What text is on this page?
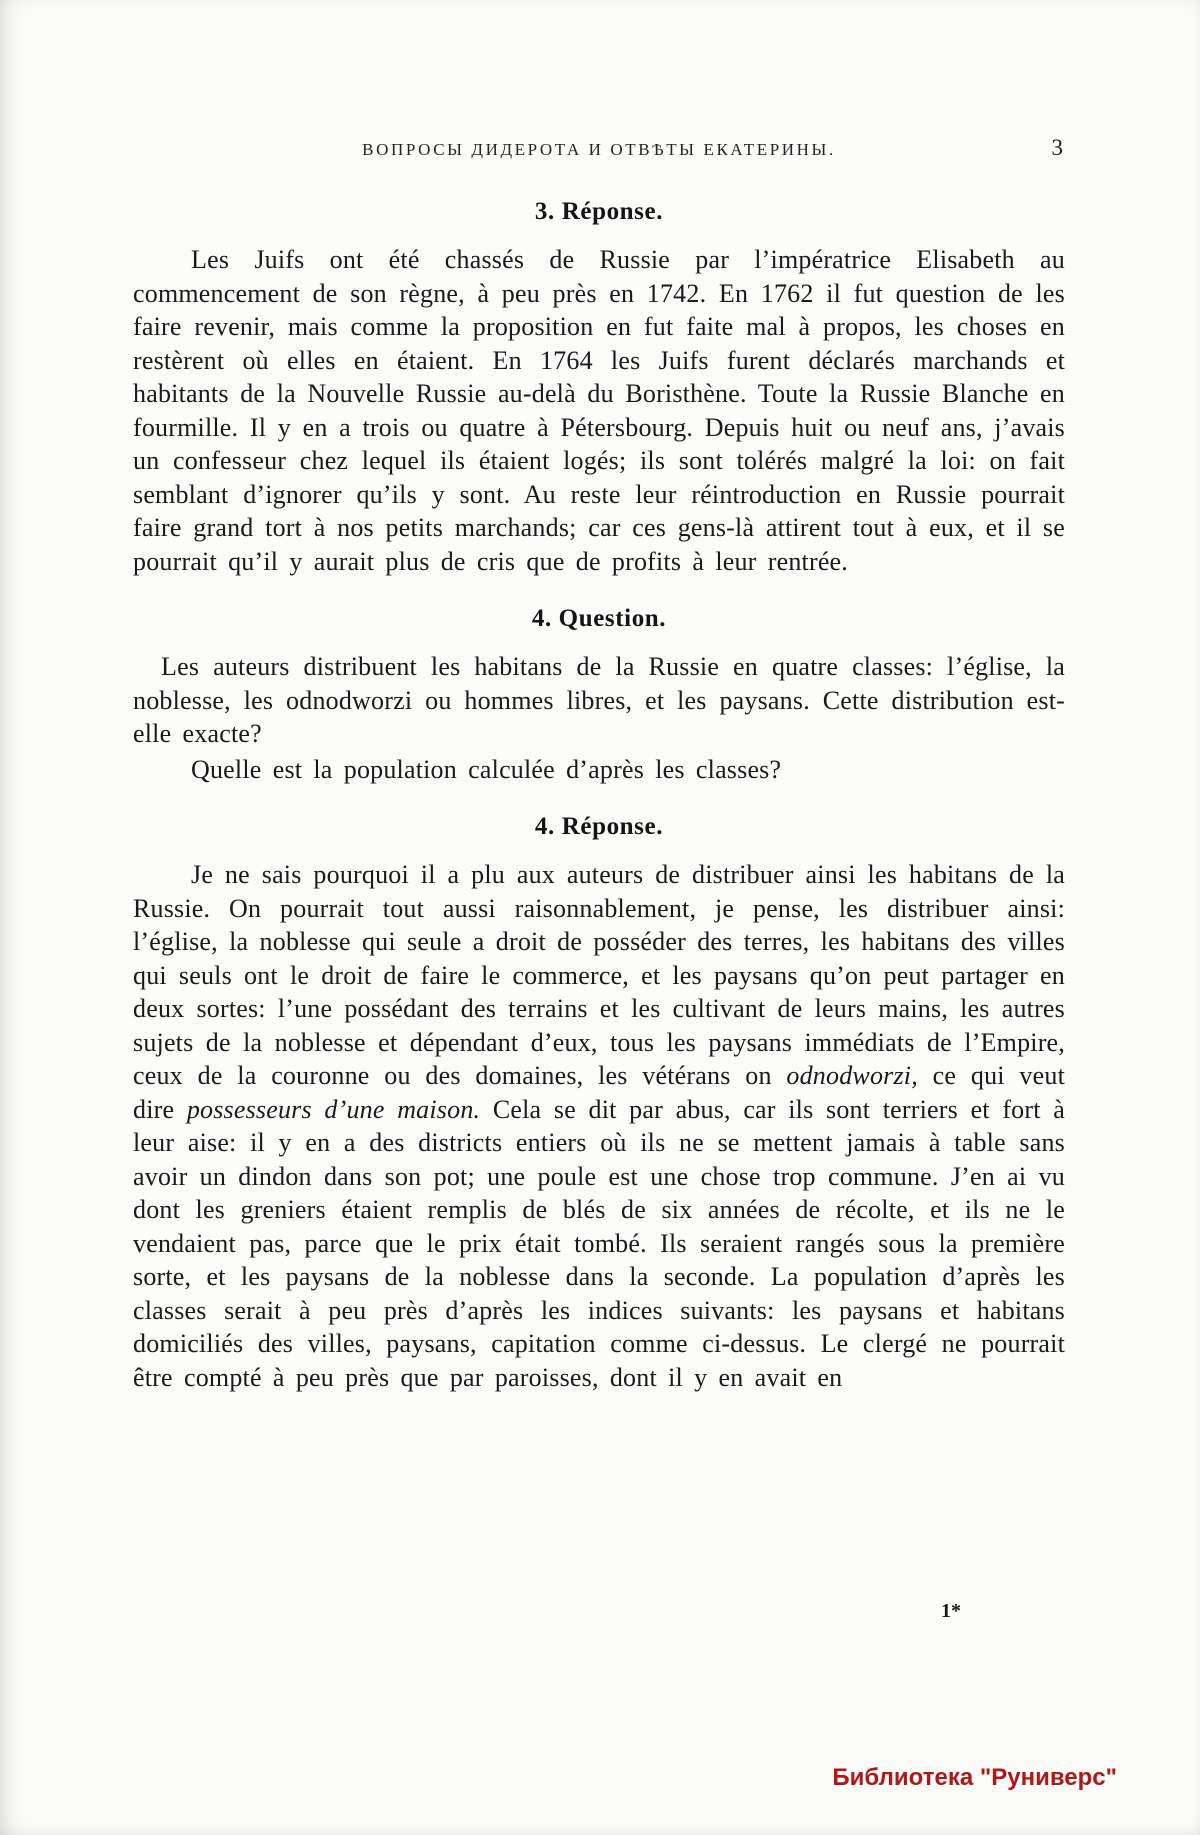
ВОПРОСЫ ДИДЕРОТА И ОТВѢТЫ ЕКАТЕРИНЫ.	3
3. Réponse.

Les Juifs ont été chassés de Russie par l’impératrice Elisabeth au commencement de son règne, à peu près en 1742. En 1762 il fut question de les faire revenir, mais comme la proposition en fut faite mal à propos, les choses en restèrent où elles en étaient. En 1764 les Juifs furent déclarés marchands et habitants de la Nouvelle Russie au-delà du Boristhène. Toute la Russie Blanche en fourmille. Il y en a trois ou quatre à Pétersbourg. Depuis huit ou neuf ans, j’avais un confesseur chez lequel ils étaient logés; ils sont tolérés malgré la loi: on fait semblant d’ignorer qu’ils y sont. Au reste leur réintroduction en Russie pourrait faire grand tort à nos petits marchands; car ces gens-là attirent tout à eux, et il se pourrait qu’il y aurait plus de cris que de profits à leur rentrée.

4. Question.

Les auteurs distribuent les habitans de la Russie en quatre classes: l’église, la noblesse, les odnodworzi ou hommes libres, et les paysans. Cette distribution est-elle exacte?

Quelle est la population calculée d’après les classes?

4. Réponse.

Je ne sais pourquoi il a plu aux auteurs de distribuer ainsi les habitans de la Russie. On pourrait tout aussi raisonnablement, je pense, les distribuer ainsi: l’église, la noblesse qui seule a droit de posséder des terres, les habitans des villes qui seuls ont le droit de faire le commerce, et les paysans qu’on peut partager en deux sortes: l’une possédant des terrains et les cultivant de leurs mains, les autres sujets de la noblesse et dépendant d’eux, tous les paysans immédiats de l’Empire, ceux de la couronne ou des domaines, les vétérans on odnodworzi, ce qui veut dire possesseurs d’une maison. Cela se dit par abus, car ils sont terriers et fort à leur aise: il y en a des districts entiers où ils ne se mettent jamais à table sans avoir un dindon dans son pot; une poule est une chose trop commune. J’en ai vu dont les greniers étaient remplis de blés de six années de récolte, et ils ne le vendaient pas, parce que le prix était tombé. Ils seraient rangés sous la première sorte, et les paysans de la noblesse dans la seconde. La population d’après les classes serait à peu près d’après les indices suivants: les paysans et habitans domiciliés des villes, paysans, capitation comme ci-dessus. Le clergé ne pourrait être compté à peu près que par paroisses, dont il y en avait en

1*
Библиотека "Руниверс"
